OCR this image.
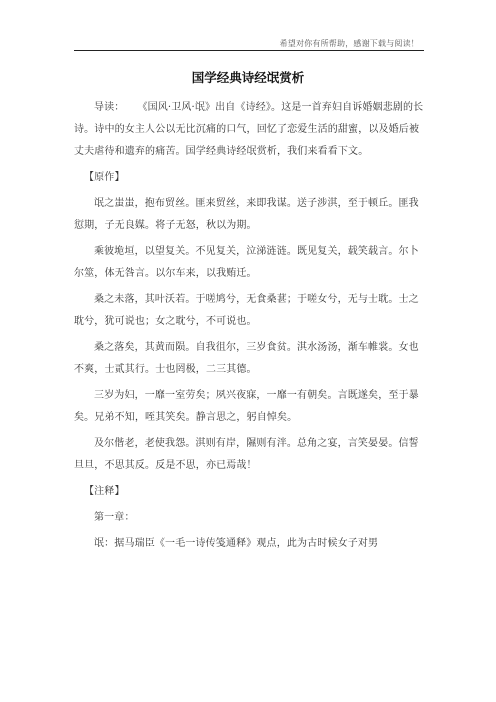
希望对你有所帮助，感谢下载与阅读！
国学经典诗经氓赏析

导读： 《国风·卫风·氓》出自《诗经》。这是一首弃妇自诉婚姻悲剧的长诗。诗中的女主人公以无比沉痛的口气，回忆了恋爱生活的甜蜜，以及婚后被丈夫虐待和遗弃的痛苦。国学经典诗经氓赏析，我们来看看下文。

【原作】

氓之蚩蚩，抱布贸丝。匪来贸丝，来即我谋。送子涉淇，至于顿丘。匪我愆期，子无良媒。将子无怒，秋以为期。

乘彼垝垣，以望复关。不见复关，泣涕涟涟。既见复关，载笑载言。尔卜尔筮，体无咎言。以尔车来，以我贿迁。

桑之未落，其叶沃若。于嗟鸠兮，无食桑葚；于嗟女兮，无与士耽。士之耽兮，犹可说也；女之耽兮，不可说也。

桑之落矣，其黄而陨。自我徂尔，三岁食贫。淇水汤汤，渐车帷裳。女也不爽，士贰其行。士也罔极，二三其德。

三岁为妇，一靡一室劳矣；夙兴夜寐，一靡一有朝矣。言既遂矣，至于暴矣。兄弟不知，咥其笑矣。静言思之，躬自悼矣。

及尔偕老，老使我怨。淇则有岸，隰则有泮。总角之宴，言笑晏晏。信誓旦旦，不思其反。反是不思，亦已焉哉！

【注释】

第一章：

氓：据马瑞臣《一毛一诗传笺通释》观点，此为古时候女子对男
